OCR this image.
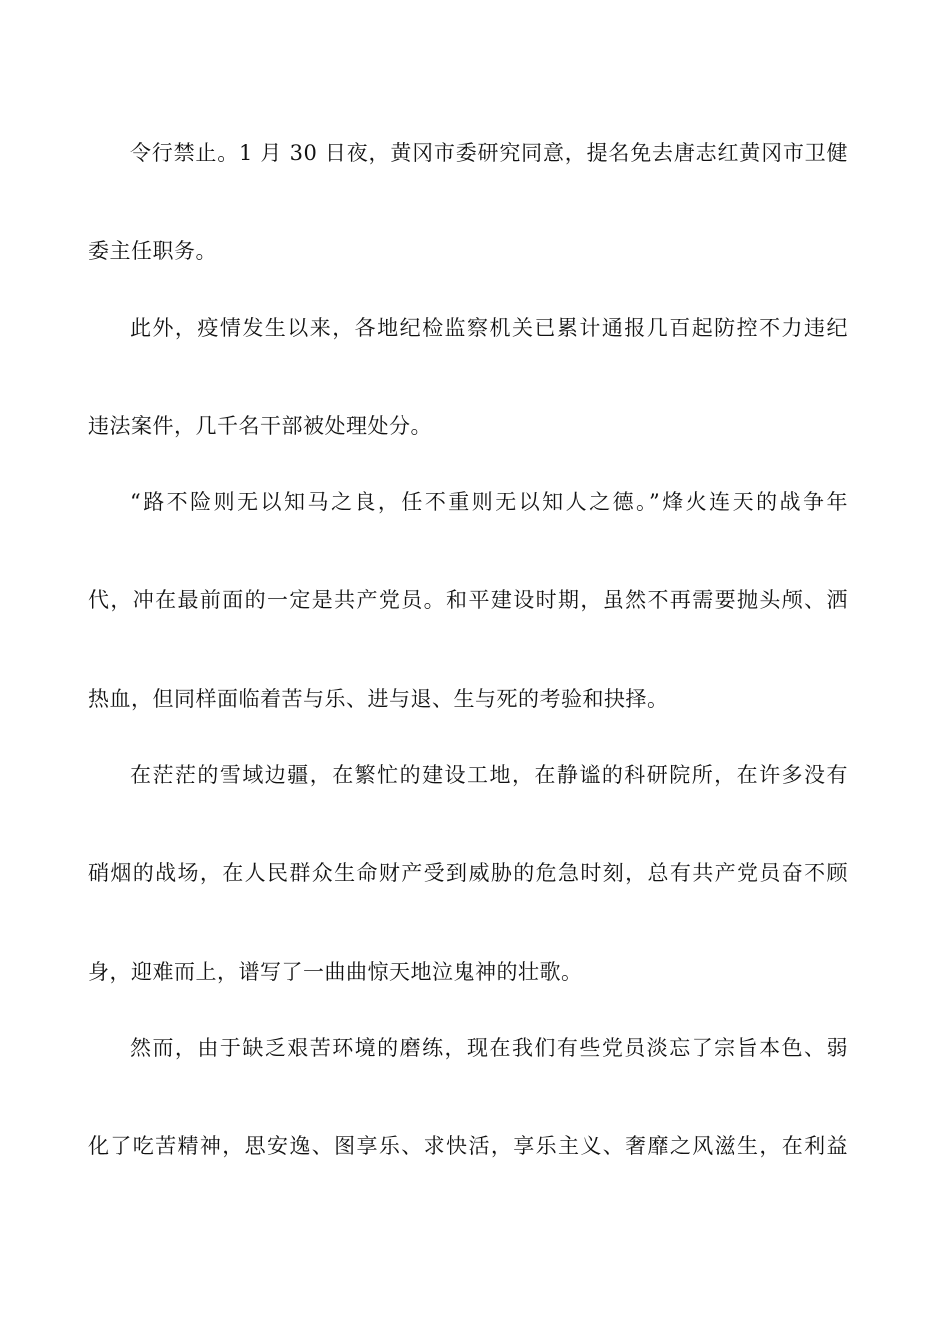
令行禁止。1 月 30 日夜，黄冈市委研究同意，提名免去唐志红黄冈市卫健
委主任职务。
此外，疫情发生以来，各地纪检监察机关已累计通报几百起防控不力违纪
违法案件，几千名干部被处理处分。
“路不险则无以知马之良，任不重则无以知人之德。”烽火连天的战争年
代，冲在最前面的一定是共产党员。和平建设时期，虽然不再需要抛头颅、洒
热血，但同样面临着苦与乐、进与退、生与死的考验和抉择。
在茫茫的雪域边疆，在繁忙的建设工地，在静谧的科研院所，在许多没有
硝烟的战场，在人民群众生命财产受到威胁的危急时刻，总有共产党员奋不顾
身，迎难而上，谱写了一曲曲惊天地泣鬼神的壮歌。
然而，由于缺乏艰苦环境的磨练，现在我们有些党员淡忘了宗旨本色、弱
化了吃苦精神，思安逸、图享乐、求快活，享乐主义、奢靡之风滋生，在利益
